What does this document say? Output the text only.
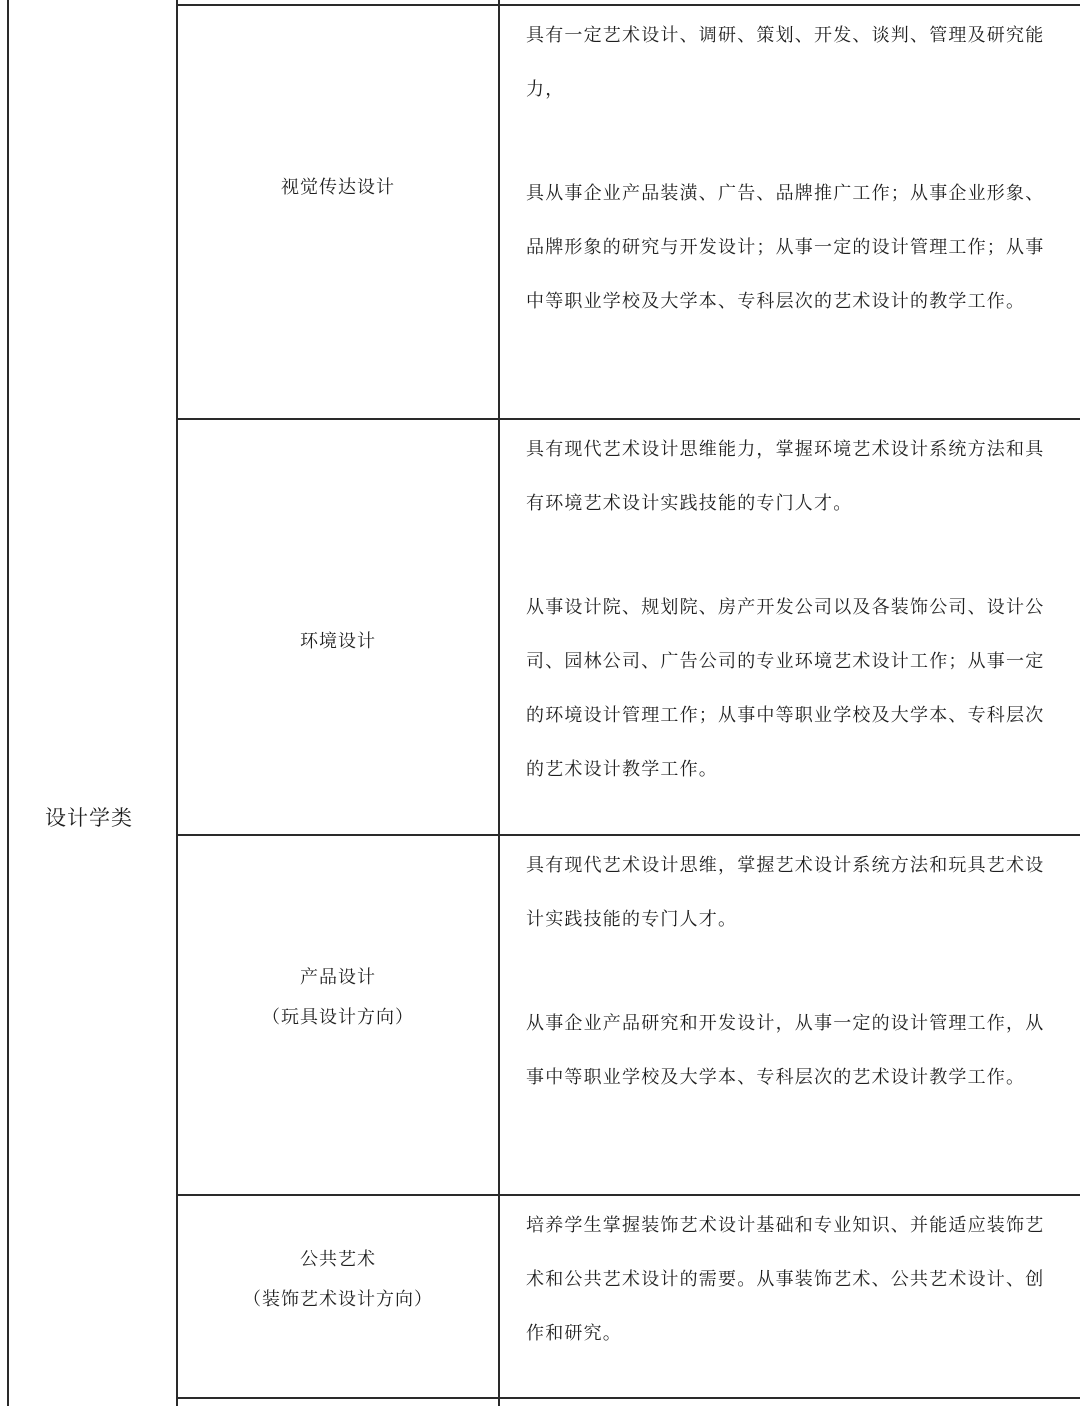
设计学类
视觉传达设计

具有一定艺术设计、调研、策划、开发、谈判、管理及研究能力，

具从事企业产品装潢、广告、品牌推广工作；从事企业形象、品牌形象的研究与开发设计；从事一定的设计管理工作；从事中等职业学校及大学本、专科层次的艺术设计的教学工作。

环境设计

具有现代艺术设计思维能力，掌握环境艺术设计系统方法和具有环境艺术设计实践技能的专门人才。

从事设计院、规划院、房产开发公司以及各装饰公司、设计公司、园林公司、广告公司的专业环境艺术设计工作；从事一定的环境设计管理工作；从事中等职业学校及大学本、专科层次的艺术设计教学工作。

产品设计
（玩具设计方向）

具有现代艺术设计思维，掌握艺术设计系统方法和玩具艺术设计实践技能的专门人才。

从事企业产品研究和开发设计，从事一定的设计管理工作，从事中等职业学校及大学本、专科层次的艺术设计教学工作。

公共艺术
（装饰艺术设计方向）

培养学生掌握装饰艺术设计基础和专业知识、并能适应装饰艺术和公共艺术设计的需要。从事装饰艺术、公共艺术设计、创作和研究。
